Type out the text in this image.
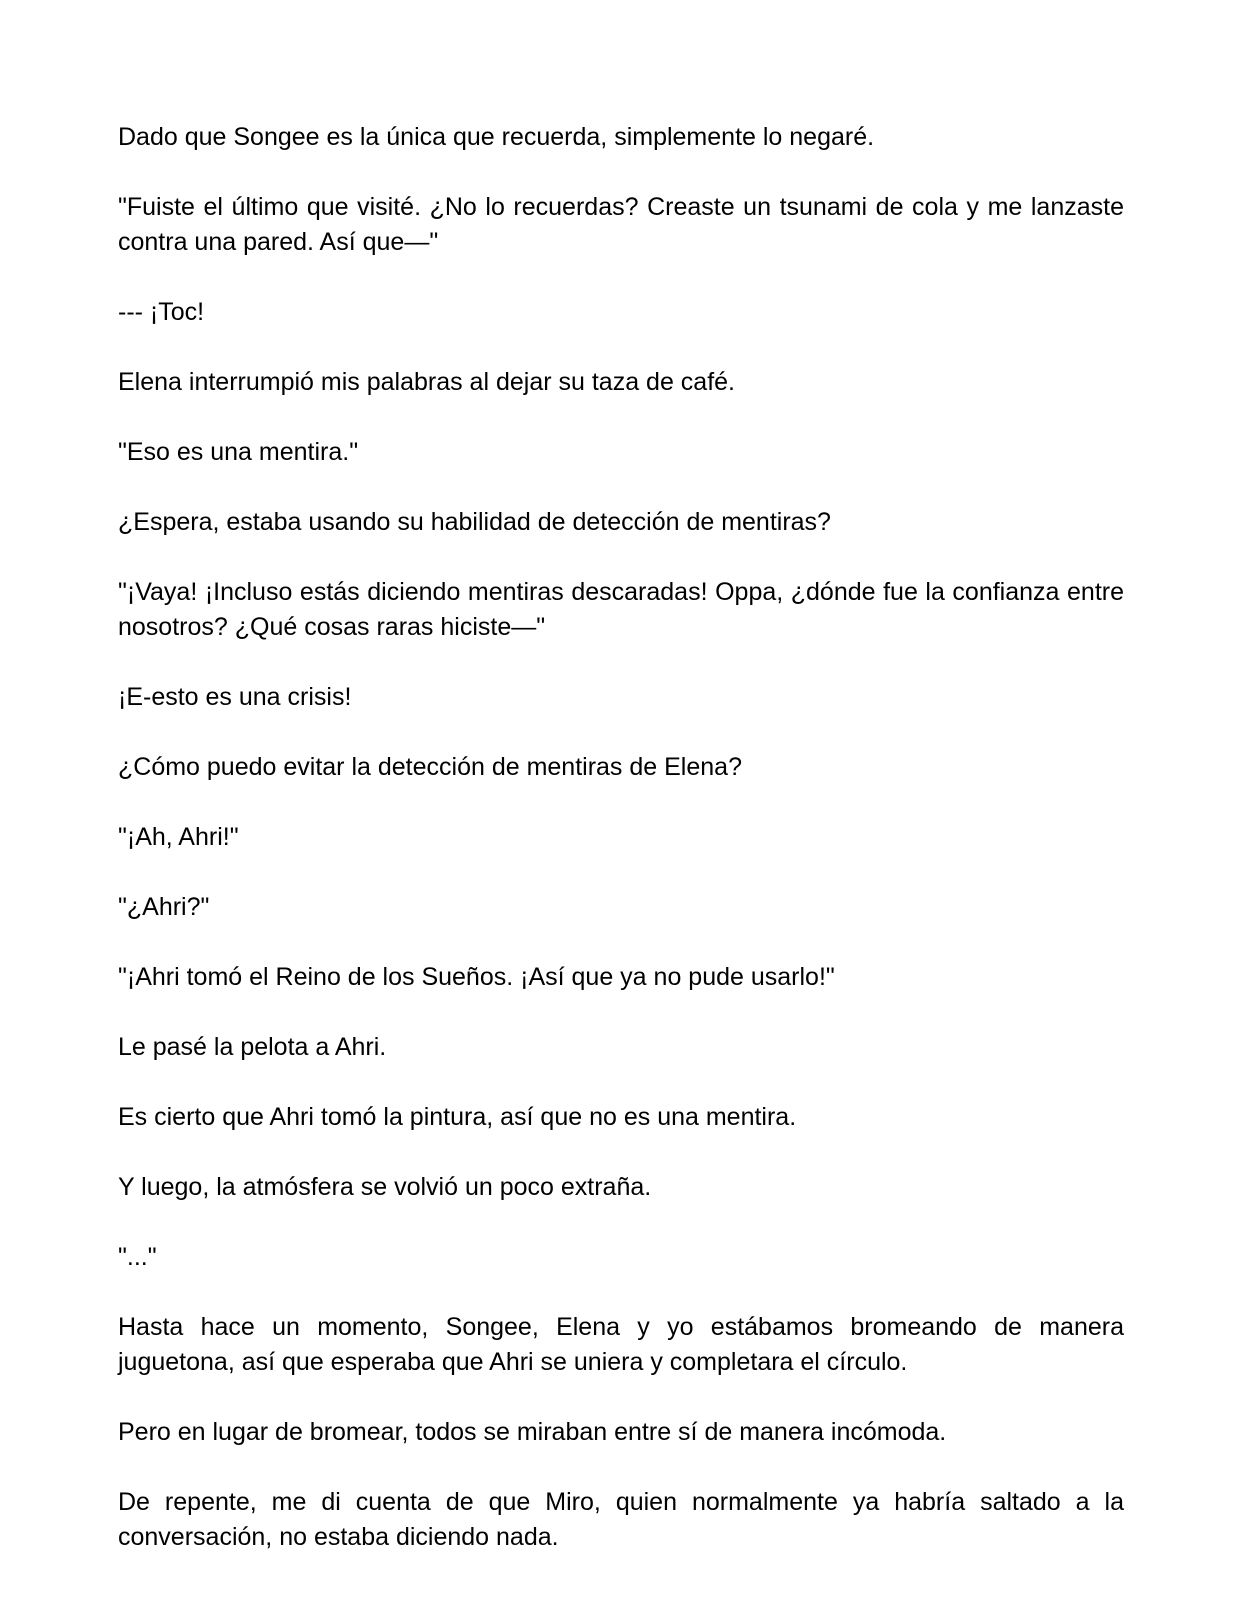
Dado que Songee es la única que recuerda, simplemente lo negaré.

"Fuiste el último que visité. ¿No lo recuerdas? Creaste un tsunami de cola y me lanzaste contra una pared. Así que—"

--- ¡Toc!

Elena interrumpió mis palabras al dejar su taza de café.

"Eso es una mentira."

¿Espera, estaba usando su habilidad de detección de mentiras?

"¡Vaya! ¡Incluso estás diciendo mentiras descaradas! Oppa, ¿dónde fue la confianza entre nosotros? ¿Qué cosas raras hiciste—"

¡E-esto es una crisis!

¿Cómo puedo evitar la detección de mentiras de Elena?

"¡Ah, Ahri!"

"¿Ahri?"

"¡Ahri tomó el Reino de los Sueños. ¡Así que ya no pude usarlo!"

Le pasé la pelota a Ahri.

Es cierto que Ahri tomó la pintura, así que no es una mentira.

Y luego, la atmósfera se volvió un poco extraña.

"..."

Hasta hace un momento, Songee, Elena y yo estábamos bromeando de manera juguetona, así que esperaba que Ahri se uniera y completara el círculo.

Pero en lugar de bromear, todos se miraban entre sí de manera incómoda.

De repente, me di cuenta de que Miro, quien normalmente ya habría saltado a la conversación, no estaba diciendo nada.
